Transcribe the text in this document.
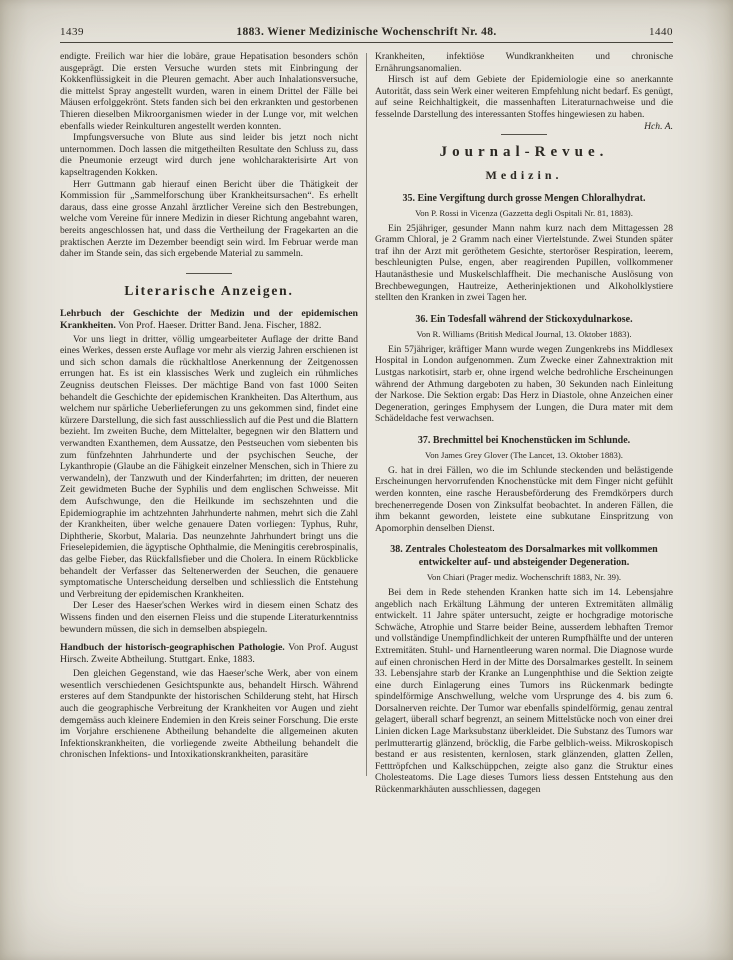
1439	1883. Wiener Medizinische Wochenschrift Nr. 48.	1440

endigte. Freilich war hier die lobäre, graue Hepatisation besonders schön ausgeprägt. Die ersten Versuche wurden stets mit Einbringung der Kokkenflüssigkeit in die Pleuren gemacht. Aber auch Inhalationsversuche, die mittelst Spray angestellt wurden, waren in einem Drittel der Fälle bei Mäusen erfolggekrönt. Stets fanden sich bei den erkrankten und gestorbenen Thieren dieselben Mikroorganismen wieder in der Lunge vor, mit welchen ebenfalls wieder Reinkulturen angestellt werden konnten.

Impfungsversuche von Blute aus sind leider bis jetzt noch nicht unternommen. Doch lassen die mitgetheilten Resultate den Schluss zu, dass die Pneumonie erzeugt wird durch jene wohlcharakterisirte Art von kapseltragenden Kokken.

Herr Guttmann gab hierauf einen Bericht über die Thätigkeit der Kommission für „Sammelforschung über Krankheitsursachen“. Es erhellt daraus, dass eine grosse Anzahl ärztlicher Vereine sich den Bestrebungen, welche vom Vereine für innere Medizin in dieser Richtung angebahnt waren, bereits angeschlossen hat, und dass die Vertheilung der Fragekarten an die praktischen Aerzte im Dezember beendigt sein wird. Im Februar werde man daher im Stande sein, das sich ergebende Material zu sammeln.

Literarische Anzeigen.

Lehrbuch der Geschichte der Medizin und der epidemischen Krankheiten. Von Prof. Haeser. Dritter Band. Jena. Fischer, 1882.

Vor uns liegt in dritter, völlig umgearbeiteter Auflage der dritte Band eines Werkes, dessen erste Auflage vor mehr als vierzig Jahren erschienen ist und sich schon damals die rückhaltlose Anerkennung der Zeitgenossen errungen hat. Es ist ein klassisches Werk und zugleich ein rühmliches Zeugniss deutschen Fleisses. Der mächtige Band von fast 1000 Seiten behandelt die Geschichte der epidemischen Krankheiten. Das Alterthum, aus welchem nur spärliche Ueberlieferungen zu uns gekommen sind, findet eine kürzere Darstellung, die sich fast ausschliesslich auf die Pest und die Blattern bezieht. Im zweiten Buche, dem Mittelalter, begegnen wir den Blattern und verwandten Exanthemen, dem Aussatze, den Pestseuchen vom siebenten bis zum fünfzehnten Jahrhunderte und der psychischen Seuche, der Lykanthropie (Glaube an die Fähigkeit einzelner Menschen, sich in Thiere zu verwandeln), der Tanzwuth und der Kinderfahrten; im dritten, der neueren Zeit gewidmeten Buche der Syphilis und dem englischen Schweisse. Mit dem Aufschwunge, den die Heilkunde im sechszehnten und die Epidemiographie im achtzehnten Jahrhunderte nahmen, mehrt sich die Zahl der Krankheiten, über welche genauere Daten vorliegen: Typhus, Ruhr, Diphtherie, Skorbut, Malaria. Das neunzehnte Jahrhundert bringt uns die Frieselepidemien, die ägyptische Ophthalmie, die Meningitis cerebrospinalis, das gelbe Fieber, das Rückfallsfieber und die Cholera. In einem Rückblicke behandelt der Verfasser das Seltenerwerden der Seuchen, die genauere symptomatische Unterscheidung derselben und schliesslich die Entstehung und Verbreitung der epidemischen Krankheiten.

Der Leser des Haeser'schen Werkes wird in diesem einen Schatz des Wissens finden und den eisernen Fleiss und die stupende Literaturkenntniss bewundern müssen, die sich in demselben abspiegeln.

Handbuch der historisch-geographischen Pathologie. Von Prof. August Hirsch. Zweite Abtheilung. Stuttgart. Enke, 1883.

Den gleichen Gegenstand, wie das Haeser'sche Werk, aber von einem wesentlich verschiedenen Gesichtspunkte aus, behandelt Hirsch. Während ersteres auf dem Standpunkte der historischen Schilderung steht, hat Hirsch auch die geographische Verbreitung der Krankheiten vor Augen und zieht demgemäss auch kleinere Endemien in den Kreis seiner Forschung. Die erste im Vorjahre erschienene Abtheilung behandelte die allgemeinen akuten Infektionskrankheiten, die vorliegende zweite Abtheilung behandelt die chronischen Infektions- und Intoxikationskrankheiten, parasitäre

Krankheiten, infektiöse Wundkrankheiten und chronische Ernährungsanomalien.

Hirsch ist auf dem Gebiete der Epidemiologie eine so anerkannte Autorität, dass sein Werk einer weiteren Empfehlung nicht bedarf. Es genügt, auf seine Reichhaltigkeit, die massenhaften Literaturnachweise und die fesselnde Darstellung des interessanten Stoffes hingewiesen zu haben.
Hch. A.

Journal-Revue.
Medizin.
35. Eine Vergiftung durch grosse Mengen Chloralhydrat.
Von P. Rossi in Vicenza (Gazzetta degli Ospitali Nr. 81, 1883).

Ein 25jähriger, gesunder Mann nahm kurz nach dem Mittagessen 28 Gramm Chloral, je 2 Gramm nach einer Viertelstunde. Zwei Stunden später traf ihn der Arzt mit geröthetem Gesichte, stertoröser Respiration, leerem, beschleunigten Pulse, engen, aber reagirenden Pupillen, vollkommener Hautanästhesie und Muskelschlaffheit. Die mechanische Auslösung von Brechbewegungen, Hautreize, Aetherinjektionen und Alkoholklystiere stellten den Kranken in zwei Tagen her.

36. Ein Todesfall während der Stickoxydulnarkose.
Von R. Williams (British Medical Journal, 13. Oktober 1883).

Ein 57jähriger, kräftiger Mann wurde wegen Zungenkrebs ins Middlesex Hospital in London aufgenommen. Zum Zwecke einer Zahnextraktion mit Lustgas narkotisirt, starb er, ohne irgend welche bedrohliche Erscheinungen während der Athmung dargeboten zu haben, 30 Sekunden nach Einleitung der Narkose. Die Sektion ergab: Das Herz in Diastole, ohne Anzeichen einer Degeneration, geringes Emphysem der Lungen, die Dura mater mit dem Schädeldache fest verwachsen.

37. Brechmittel bei Knochenstücken im Schlunde.
Von James Grey Glover (The Lancet, 13. Oktober 1883).

G. hat in drei Fällen, wo die im Schlunde steckenden und belästigende Erscheinungen hervorrufenden Knochenstücke mit dem Finger nicht gefühlt werden konnten, eine rasche Herausbeförderung des Fremdkörpers durch brechenerregende Dosen von Zinksulfat beobachtet. In anderen Fällen, die ihm bekannt geworden, leistete eine subkutane Einspritzung von Apomorphin denselben Dienst.

38. Zentrales Cholesteatom des Dorsalmarkes mit vollkommen entwickelter auf- und absteigender Degeneration.
Von Chiari (Prager mediz. Wochenschrift 1883, Nr. 39).

Bei dem in Rede stehenden Kranken hatte sich im 14. Lebensjahre angeblich nach Erkältung Lähmung der unteren Extremitäten allmälig entwickelt. 11 Jahre später untersucht, zeigte er hochgradige motorische Schwäche, Atrophie und Starre beider Beine, ausserdem lebhaften Tremor und vollständige Unempfindlichkeit der unteren Rumpfhälfte und der unteren Extremitäten. Stuhl- und Harnentleerung waren normal. Die Diagnose wurde auf einen chronischen Herd in der Mitte des Dorsalmarkes gestellt. In seinem 33. Lebensjahre starb der Kranke an Lungenphthise und die Sektion zeigte eine durch Einlagerung eines Tumors ins Rückenmark bedingte spindelförmige Anschwellung, welche vom Ursprunge des 4. bis zum 6. Dorsalnerven reichte. Der Tumor war ebenfalls spindelförmig, genau zentral gelagert, überall scharf begrenzt, an seinem Mittelstücke noch von einer drei Linien dicken Lage Marksubstanz überkleidet. Die Substanz des Tumors war perlmutterartig glänzend, bröcklig, die Farbe gelblich-weiss. Mikroskopisch bestand er aus resistenten, kernlosen, stark glänzenden, glatten Zellen, Fetttröpfchen und Kalkschüppchen, zeigte also ganz die Struktur eines Cholesteatoms. Die Lage dieses Tumors liess dessen Entstehung aus den Rückenmarkhäuten ausschliessen, dagegen
